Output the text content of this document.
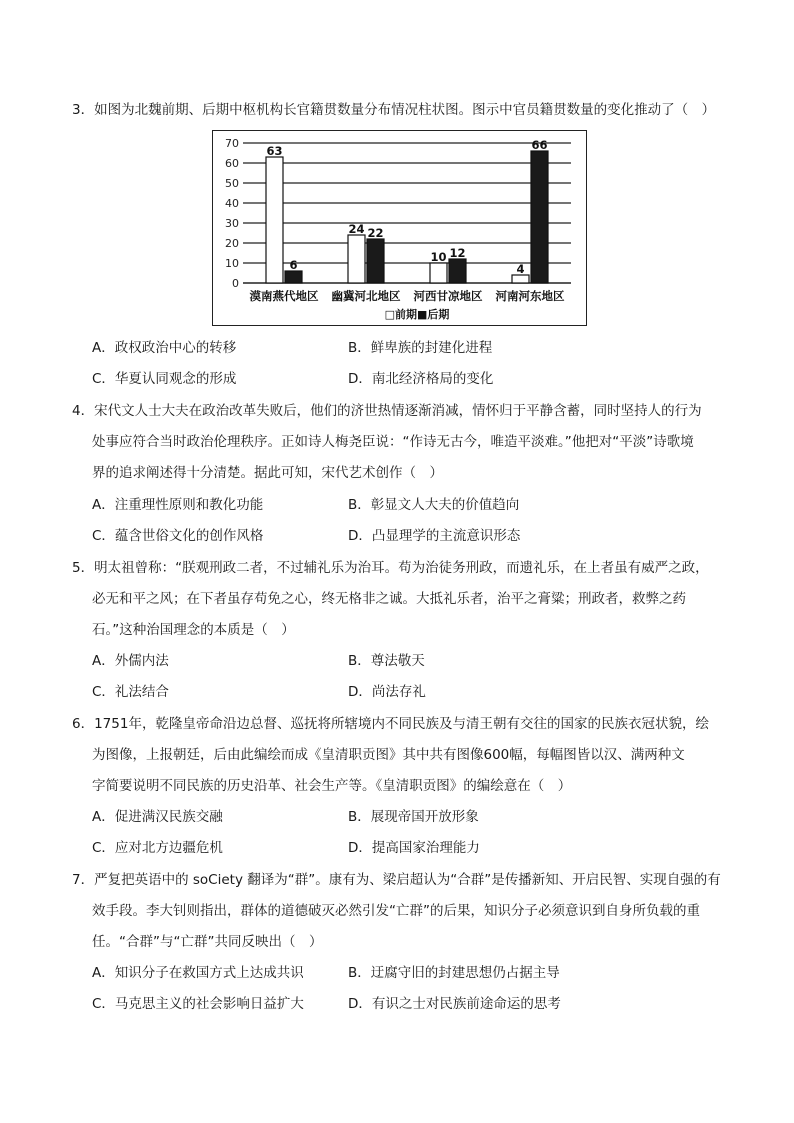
3．如图为北魏前期、后期中枢机构长官籍贯数量分布情况柱状图。图示中官员籍贯数量的变化推动了（　）

0
10
20
30
40
50
60
70
63
6
漠南燕代地区
24 22
幽冀河北地区
10 12
河西甘凉地区
4
66
河南河东地区
□前期■后期
A．政权政治中心的转移	B．鲜卑族的封建化进程
C．华夏认同观念的形成	D．南北经济格局的变化
4．宋代文人士大夫在政治改革失败后，他们的济世热情逐渐消减，情怀归于平静含蓄，同时坚持人的行为
处事应符合当时政治伦理秩序。正如诗人梅尧臣说：“作诗无古今，唯造平淡难。”他把对“平淡”诗歌境
界的追求阐述得十分清楚。据此可知，宋代艺术创作（　）
A．注重理性原则和教化功能	B．彰显文人大夫的价值趋向
C．蕴含世俗文化的创作风格	D．凸显理学的主流意识形态
5．明太祖曾称：“朕观刑政二者，不过辅礼乐为治耳。苟为治徒务刑政，而遗礼乐，在上者虽有威严之政，
必无和平之风；在下者虽存苟免之心，终无格非之诚。大抵礼乐者，治平之膏粱；刑政者，救弊之药
石。”这种治国理念的本质是（　）
A．外儒内法	B．尊法敬天
C．礼法结合	D．尚法存礼
6．1751年，乾隆皇帝命沿边总督、巡抚将所辖境内不同民族及与清王朝有交往的国家的民族衣冠状貌，绘
为图像，上报朝廷，后由此编绘而成《皇清职贡图》其中共有图像600幅，每幅图皆以汉、满两种文
字简要说明不同民族的历史沿革、社会生产等。《皇清职贡图》的编绘意在（　）
A．促进满汉民族交融	B．展现帝国开放形象
C．应对北方边疆危机	D．提高国家治理能力
7．严复把英语中的 soCiety 翻译为“群”。康有为、梁启超认为“合群”是传播新知、开启民智、实现自强的有
效手段。李大钊则指出，群体的道德破灭必然引发“亡群”的后果，知识分子必须意识到自身所负载的重
任。“合群”与“亡群”共同反映出（　）
A．知识分子在救国方式上达成共识	B．迂腐守旧的封建思想仍占据主导
C．马克思主义的社会影响日益扩大	D．有识之士对民族前途命运的思考
